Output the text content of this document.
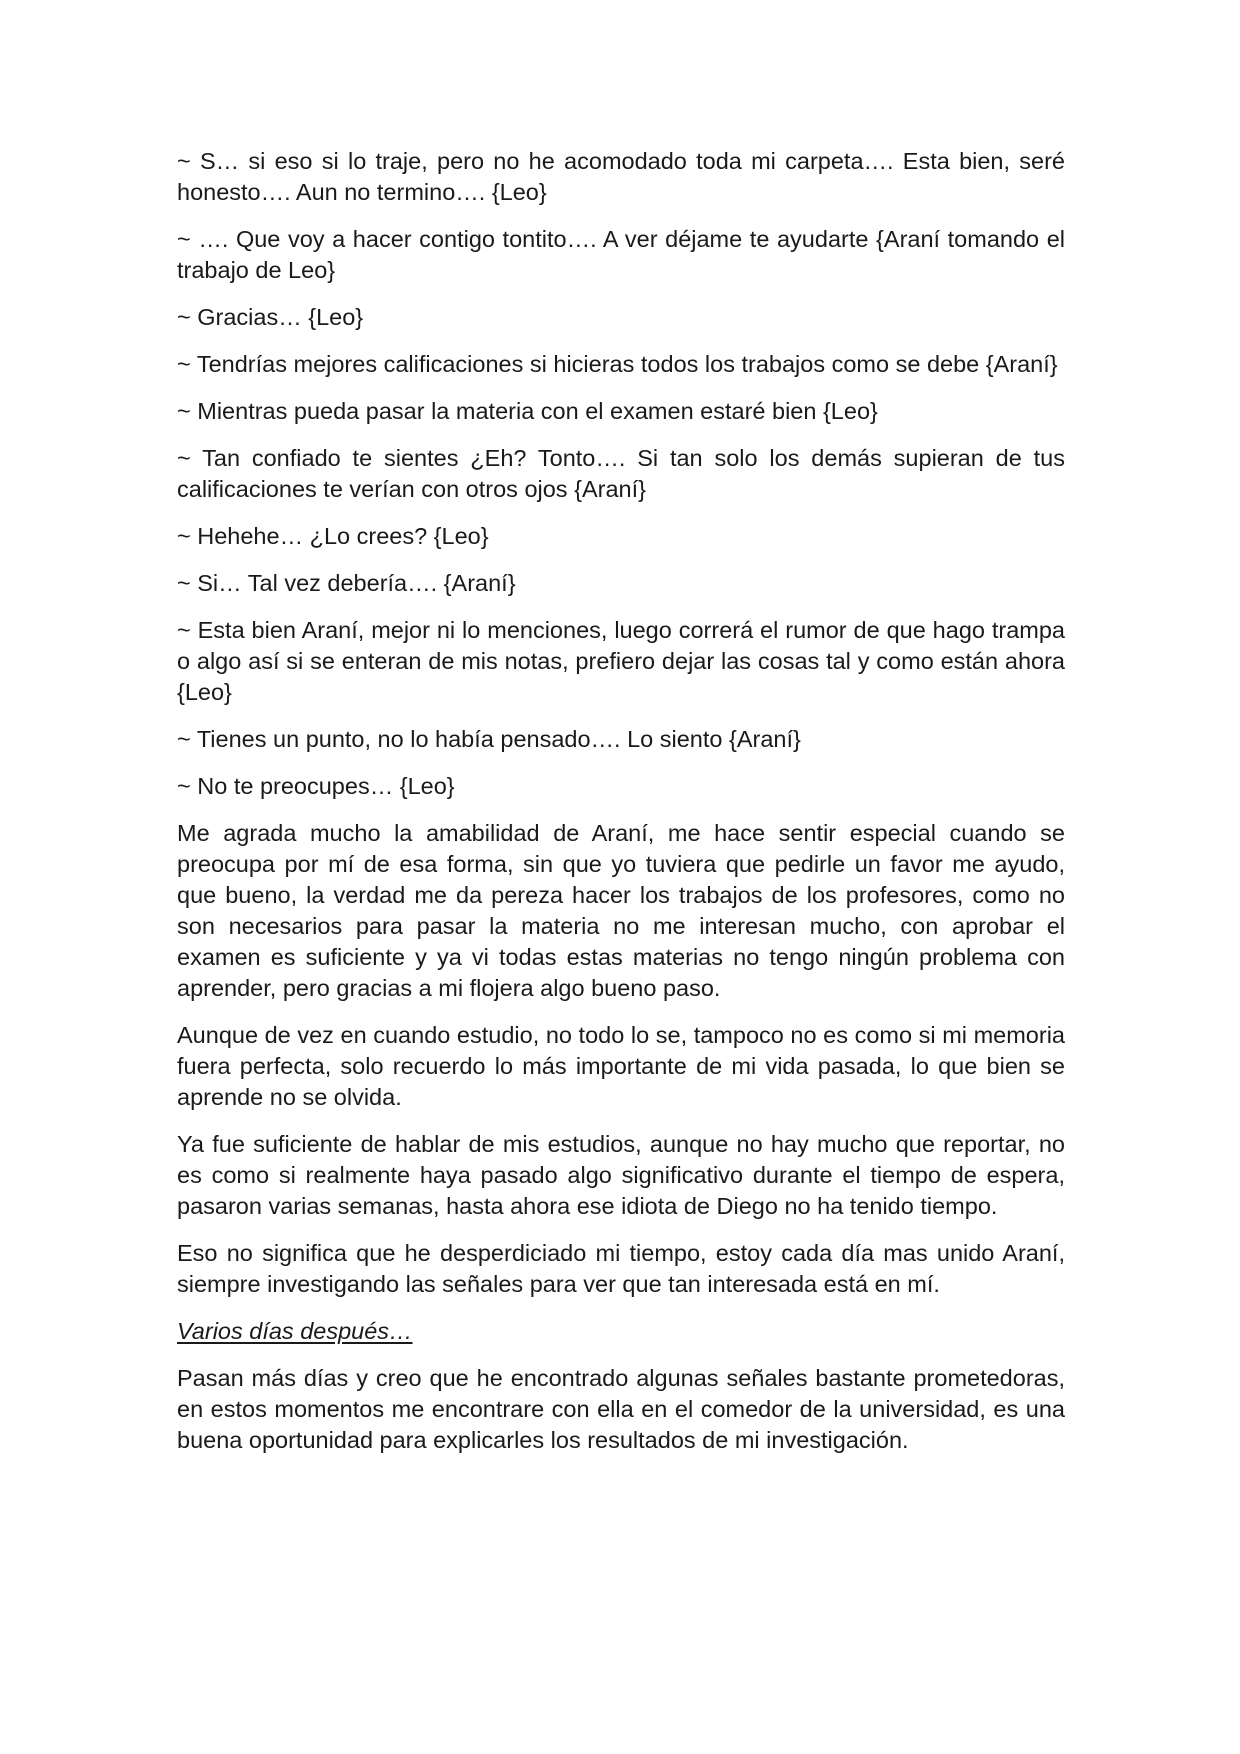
~ S… si eso si lo traje, pero no he acomodado toda mi carpeta…. Esta bien, seré honesto…. Aun no termino…. {Leo}

~ …. Que voy a hacer contigo tontito…. A ver déjame te ayudarte {Araní tomando el trabajo de Leo}

~ Gracias… {Leo}

~ Tendrías mejores calificaciones si hicieras todos los trabajos como se debe {Araní}

~ Mientras pueda pasar la materia con el examen estaré bien {Leo}

~ Tan confiado te sientes ¿Eh? Tonto…. Si tan solo los demás supieran de tus calificaciones te verían con otros ojos {Araní}

~ Hehehe… ¿Lo crees? {Leo}

~ Si… Tal vez debería…. {Araní}

~ Esta bien Araní, mejor ni lo menciones, luego correrá el rumor de que hago trampa o algo así si se enteran de mis notas, prefiero dejar las cosas tal y como están ahora {Leo}

~ Tienes un punto, no lo había pensado…. Lo siento {Araní}

~ No te preocupes… {Leo}

Me agrada mucho la amabilidad de Araní, me hace sentir especial cuando se preocupa por mí de esa forma, sin que yo tuviera que pedirle un favor me ayudo, que bueno, la verdad me da pereza hacer los trabajos de los profesores, como no son necesarios para pasar la materia no me interesan mucho, con aprobar el examen es suficiente y ya vi todas estas materias no tengo ningún problema con aprender, pero gracias a mi flojera algo bueno paso.

Aunque de vez en cuando estudio, no todo lo se, tampoco no es como si mi memoria fuera perfecta, solo recuerdo lo más importante de mi vida pasada, lo que bien se aprende no se olvida.

Ya fue suficiente de hablar de mis estudios, aunque no hay mucho que reportar, no es como si realmente haya pasado algo significativo durante el tiempo de espera, pasaron varias semanas, hasta ahora ese idiota de Diego no ha tenido tiempo.

Eso no significa que he desperdiciado mi tiempo, estoy cada día mas unido Araní, siempre investigando las señales para ver que tan interesada está en mí.

Varios días después…

Pasan más días y creo que he encontrado algunas señales bastante prometedoras, en estos momentos me encontrare con ella en el comedor de la universidad, es una buena oportunidad para explicarles los resultados de mi investigación.
